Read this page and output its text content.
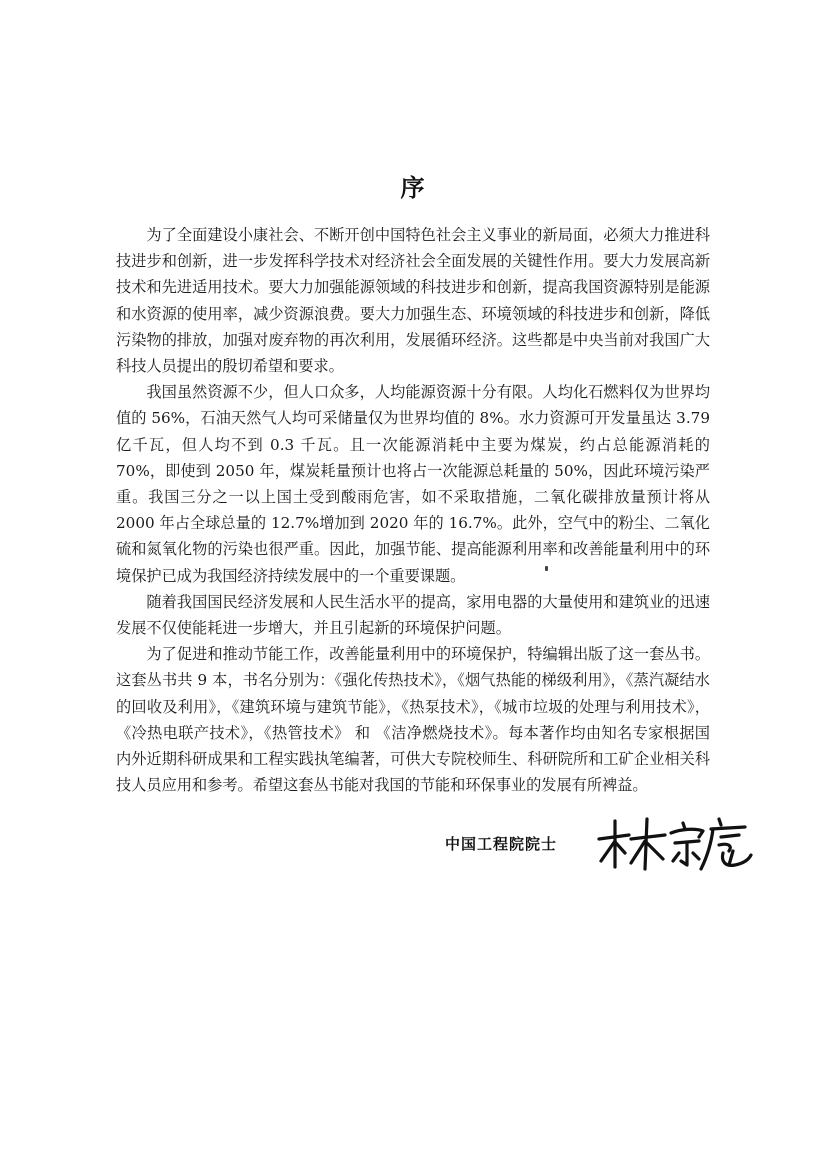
序

为了全面建设小康社会、不断开创中国特色社会主义事业的新局面，必须大力推进科技进步和创新，进一步发挥科学技术对经济社会全面发展的关键性作用。要大力发展高新技术和先进适用技术。要大力加强能源领域的科技进步和创新，提高我国资源特别是能源和水资源的使用率，减少资源浪费。要大力加强生态、环境领域的科技进步和创新，降低污染物的排放，加强对废弃物的再次利用，发展循环经济。这些都是中央当前对我国广大科技人员提出的殷切希望和要求。

我国虽然资源不少，但人口众多，人均能源资源十分有限。人均化石燃料仅为世界均值的 56%，石油天然气人均可采储量仅为世界均值的 8%。水力资源可开发量虽达 3.79 亿千瓦，但人均不到 0.3 千瓦。且一次能源消耗中主要为煤炭，约占总能源消耗的 70%，即使到 2050 年，煤炭耗量预计也将占一次能源总耗量的 50%，因此环境污染严重。我国三分之一以上国土受到酸雨危害，如不采取措施，二氧化碳排放量预计将从 2000 年占全球总量的 12.7%增加到 2020 年的 16.7%。此外，空气中的粉尘、二氧化硫和氮氧化物的污染也很严重。因此，加强节能、提高能源利用率和改善能量利用中的环境保护已成为我国经济持续发展中的一个重要课题。

随着我国国民经济发展和人民生活水平的提高，家用电器的大量使用和建筑业的迅速发展不仅使能耗进一步增大，并且引起新的环境保护问题。

为了促进和推动节能工作，改善能量利用中的环境保护，特编辑出版了这一套丛书。这套丛书共 9 本，书名分别为：《强化传热技术》，《烟气热能的梯级利用》，《蒸汽凝结水的回收及利用》，《建筑环境与建筑节能》，《热泵技术》，《城市垃圾的处理与利用技术》，《冷热电联产技术》，《热管技术》 和 《洁净燃烧技术》。每本著作均由知名专家根据国内外近期科研成果和工程实践执笔编著，可供大专院校师生、科研院所和工矿企业相关科技人员应用和参考。希望这套丛书能对我国的节能和环保事业的发展有所裨益。

中国工程院院士
